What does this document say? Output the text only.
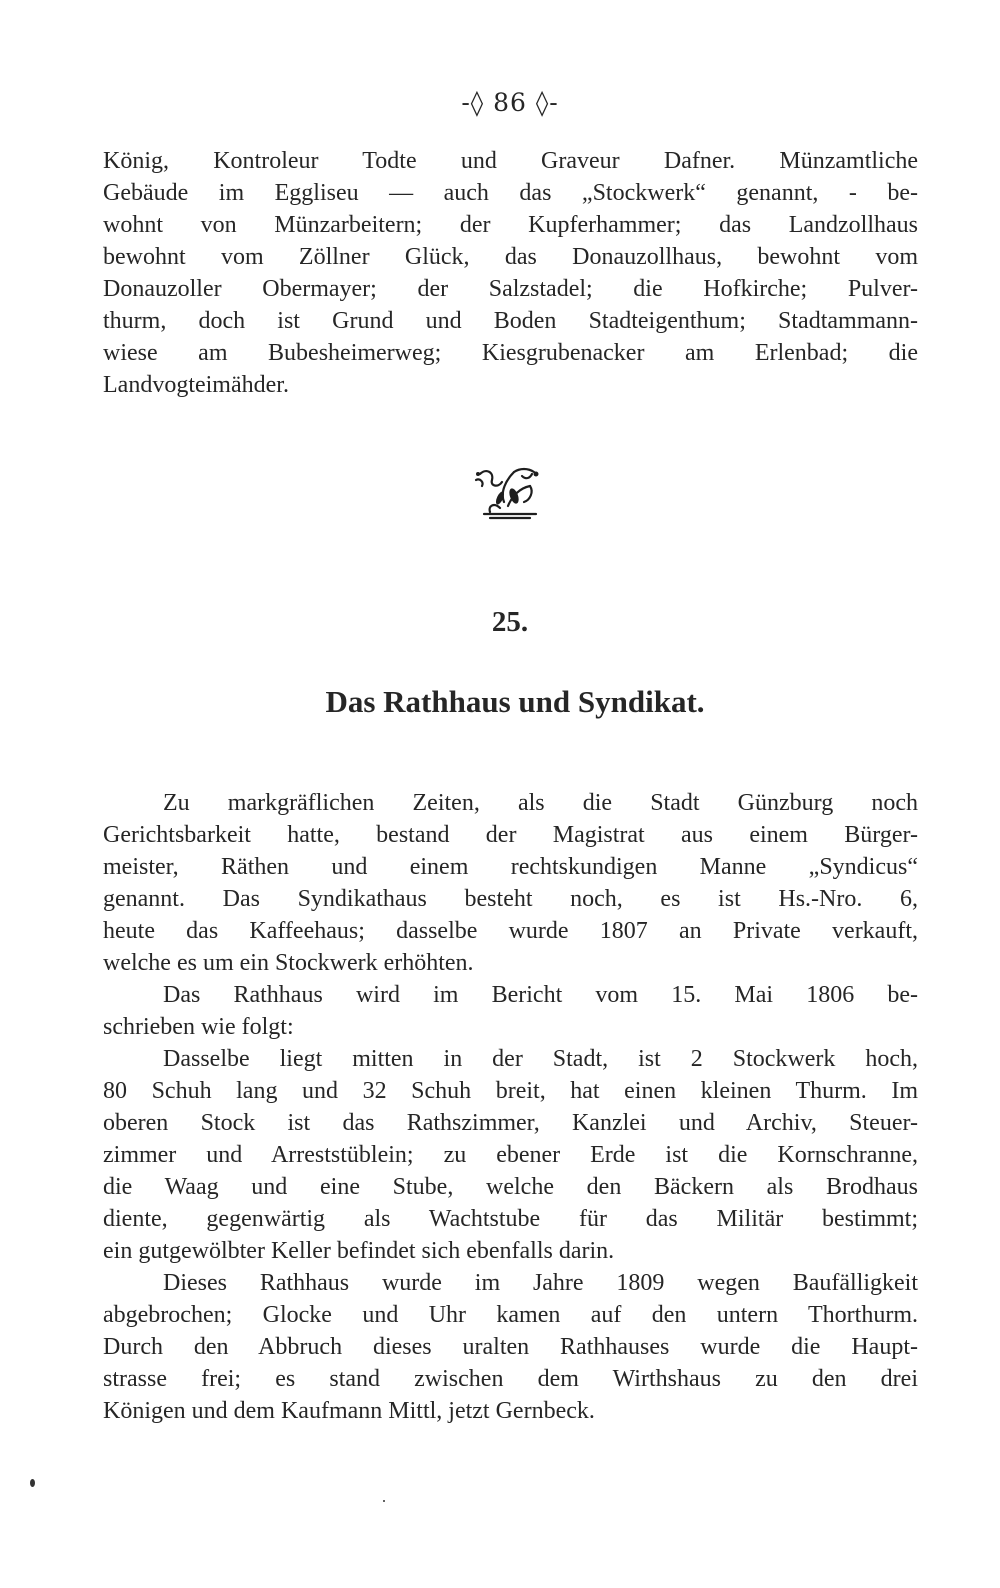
-◊ 86 ◊-
König, Kontroleur Todte und Graveur Dafner. Münzamtliche
Gebäude im Eggliseu — auch das „Stockwerk“ genannt, - be-
wohnt von Münzarbeitern; der Kupferhammer; das Landzollhaus
bewohnt vom Zöllner Glück, das Donauzollhaus, bewohnt vom
Donauzoller Obermayer; der Salzstadel; die Hofkirche; Pulver-
thurm, doch ist Grund und Boden Stadteigenthum; Stadtammann-
wiese am Bubesheimerweg; Kiesgrubenacker am Erlenbad; die
Landvogteimähder.
25.
Das Rathhaus und Syndikat.
Zu markgräflichen Zeiten, als die Stadt Günzburg noch
Gerichtsbarkeit hatte, bestand der Magistrat aus einem Bürger-
meister, Räthen und einem rechtskundigen Manne „Syndicus“
genannt. Das Syndikathaus besteht noch, es ist Hs.-Nro. 6,
heute das Kaffeehaus; dasselbe wurde 1807 an Private verkauft,
welche es um ein Stockwerk erhöhten.
Das Rathhaus wird im Bericht vom 15. Mai 1806 be-
schrieben wie folgt:
Dasselbe liegt mitten in der Stadt, ist 2 Stockwerk hoch,
80 Schuh lang und 32 Schuh breit, hat einen kleinen Thurm. Im
oberen Stock ist das Rathszimmer, Kanzlei und Archiv, Steuer-
zimmer und Arreststüblein; zu ebener Erde ist die Kornschranne,
die Waag und eine Stube, welche den Bäckern als Brodhaus
diente, gegenwärtig als Wachtstube für das Militär bestimmt;
ein gutgewölbter Keller befindet sich ebenfalls darin.
Dieses Rathhaus wurde im Jahre 1809 wegen Baufälligkeit
abgebrochen; Glocke und Uhr kamen auf den untern Thorthurm.
Durch den Abbruch dieses uralten Rathhauses wurde die Haupt-
strasse frei; es stand zwischen dem Wirthshaus zu den drei
Königen und dem Kaufmann Mittl, jetzt Gernbeck.
